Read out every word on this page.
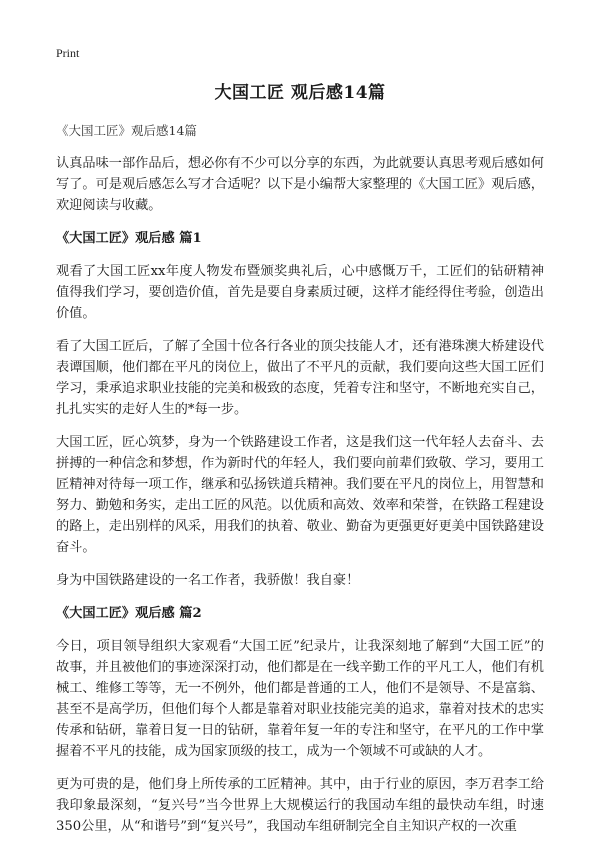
Print
大国工匠 观后感14篇
《大国工匠》观后感14篇

认真品味一部作品后，想必你有不少可以分享的东西，为此就要认真思考观后感如何写了。可是观后感怎么写才合适呢？以下是小编帮大家整理的《大国工匠》观后感，欢迎阅读与收藏。

《大国工匠》观后感 篇1

观看了大国工匠xx年度人物发布暨颁奖典礼后，心中感慨万千，工匠们的钻研精神值得我们学习，要创造价值，首先是要自身素质过硬，这样才能经得住考验，创造出价值。

看了大国工匠后，了解了全国十位各行各业的顶尖技能人才，还有港珠澳大桥建设代表谭国顺，他们都在平凡的岗位上，做出了不平凡的贡献，我们要向这些大国工匠们学习，秉承追求职业技能的完美和极致的态度，凭着专注和坚守，不断地充实自己，扎扎实实的走好人生的*每一步。

大国工匠，匠心筑梦，身为一个铁路建设工作者，这是我们这一代年轻人去奋斗、去拼搏的一种信念和梦想，作为新时代的年轻人，我们要向前辈们致敬、学习，要用工匠精神对待每一项工作，继承和弘扬铁道兵精神。我们要在平凡的岗位上，用智慧和努力、勤勉和务实，走出工匠的风范。以优质和高效、效率和荣誉，在铁路工程建设的路上，走出别样的风采，用我们的执着、敬业、勤奋为更强更好更美中国铁路建设奋斗。

身为中国铁路建设的一名工作者，我骄傲！我自豪！

《大国工匠》观后感 篇2

今日，项目领导组织大家观看“大国工匠”纪录片，让我深刻地了解到“大国工匠”的故事，并且被他们的事迹深深打动，他们都是在一线辛勤工作的平凡工人，他们有机械工、维修工等等，无一不例外，他们都是普通的工人，他们不是领导、不是富翁、甚至不是高学历，但他们每个人都是靠着对职业技能完美的追求，靠着对技术的忠实传承和钻研，靠着日复一日的钻研，靠着年复一年的专注和坚守，在平凡的工作中掌握着不平凡的技能，成为国家顶级的技工，成为一个领域不可或缺的人才。

更为可贵的是，他们身上所传承的工匠精神。其中，由于行业的原因，李万君李工给我印象最深刻，“复兴号”当今世界上大规模运行的我国动车组的最快动车组，时速350公里，从“和谐号”到“复兴号”，我国动车组研制完全自主知识产权的一次重
